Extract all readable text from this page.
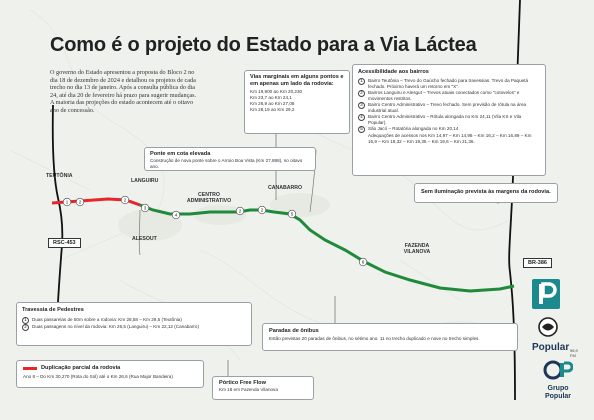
1 2	2
3
4
2	2
5
6
Como é o projeto do Estado para a Via Láctea
O governo do Estado apresentou a proposta do Bloco 2 no dia 18 de dezembro de 2024 e detalhou os projetos de cada trecho no dia 13 de janeiro. Após a consulta pública do dia 24, até dia 20 de fevereiro há prazo para sugerir mudanças. A maioria das projeções do estado acontecem até o oitavo ano de concessão.
Vias marginais em alguns pontos e em apenas um lado da rodovia:
Km 19,900 ao Km 20,230
Km 23,7 ao Km 24,1
Km 26,9 ao Km 27,08
Km 28,19 ao Km 29,2
Acessibilidade aos bairros
1	Bairro Teutônia – Trevo do Gaúcho fechado para travessias. Trevo da Paquetá fechado. Próximo haverá um retorno em "X".
2	Bairros Languiru e Alesgut – Trevos atuais conectados como "cotovelos" e movimentos restritos.
3	Bairro Centro Administrativo – Trevo fechado. Sem previsão de rótula na área industrial atual.
4	Bairro Centro Administrativo – Rótula alongada no Km 24,11 (Vila KS e Vila Popular).
5	São Jacó – Rotatória alongada no Km 20,14
Adequações de acessos nos Km 14,97 – Km 14,98 – Km 16,2 – Km 16,89 – Km 16,9 – Km 19,32 – Km 19,35 – Km 19,6 – Km 21,36.
Ponte em cota elevada
Construção de nova ponte sobre o Arroio Boa Vista (Km 27,888), no oitavo ano.
Sem iluminação prevista às margens da rodovia.
TEUTÔNIA
LANGUIRU
CENTRO ADMINISTRATIVO
CANABARRO
ALESOUT
FAZENDA VILANOVA
RSC-453
BR-386
Travessia de Pedestres
1	Duas passarelas de 50m sobre a rodovia: Km 28,58 – Km 29,5 (Teutônia)
2	Duas passagens no nível da rodovia: Km 26,5 (Languiru) – Km 22,12 (Canabarro)
Paradas de ônibus
Estão previstas 20 paradas de ônibus, no sétimo ano. 11 no trecho duplicado e nove no trecho simples.
Duplicação parcial da rodovia
Ano 8 – Do Km 30,270 (Rota do Sol) até o Km 26,6 (Rua Major Bandeira)
Pórtico Free Flow
Km 18 em Fazenda Vilanova
Popular 96,9 FM
Grupo Popular
